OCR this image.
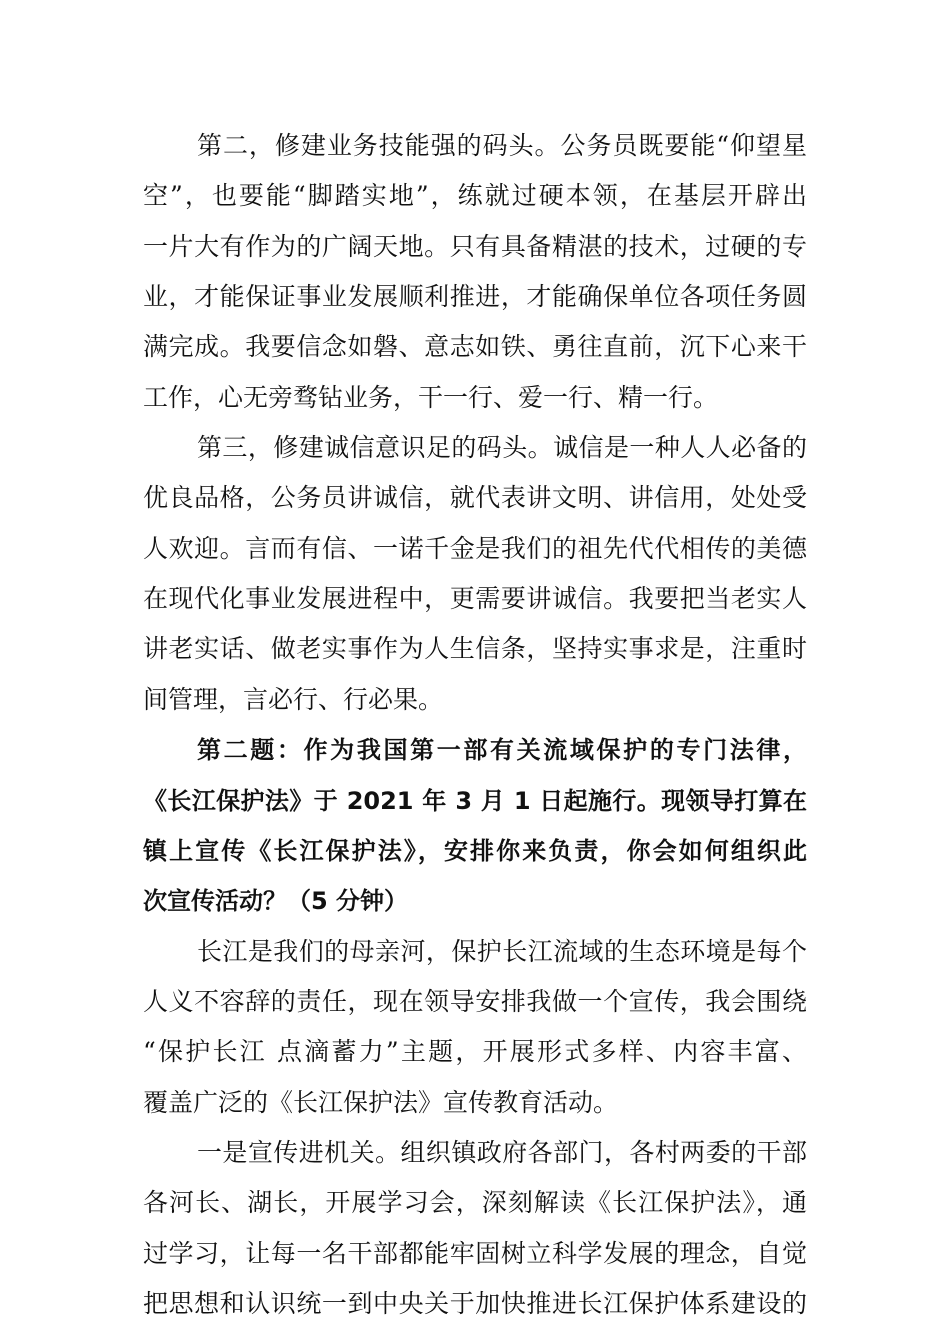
第二，修建业务技能强的码头。公务员既要能“仰望星
空”，也要能“脚踏实地”，练就过硬本领，在基层开辟出
一片大有作为的广阔天地。只有具备精湛的技术，过硬的专
业，才能保证事业发展顺利推进，才能确保单位各项任务圆
满完成。我要信念如磐、意志如铁、勇往直前，沉下心来干
工作，心无旁骛钻业务，干一行、爱一行、精一行。
第三，修建诚信意识足的码头。诚信是一种人人必备的
优良品格，公务员讲诚信，就代表讲文明、讲信用，处处受
人欢迎。言而有信、一诺千金是我们的祖先代代相传的美德
在现代化事业发展进程中，更需要讲诚信。我要把当老实人
讲老实话、做老实事作为人生信条，坚持实事求是，注重时
间管理，言必行、行必果。
第二题：作为我国第一部有关流域保护的专门法律，
《长江保护法》于 2021 年 3 月 1 日起施行。现领导打算在
镇上宣传《长江保护法》，安排你来负责，你会如何组织此
次宣传活动？（5 分钟）
长江是我们的母亲河，保护长江流域的生态环境是每个
人义不容辞的责任，现在领导安排我做一个宣传，我会围绕
“保护长江 点滴蓄力”主题，开展形式多样、内容丰富、
覆盖广泛的《长江保护法》宣传教育活动。
一是宣传进机关。组织镇政府各部门，各村两委的干部
各河长、湖长，开展学习会，深刻解读《长江保护法》，通
过学习，让每一名干部都能牢固树立科学发展的理念，自觉
把思想和认识统一到中央关于加快推进长江保护体系建设的
